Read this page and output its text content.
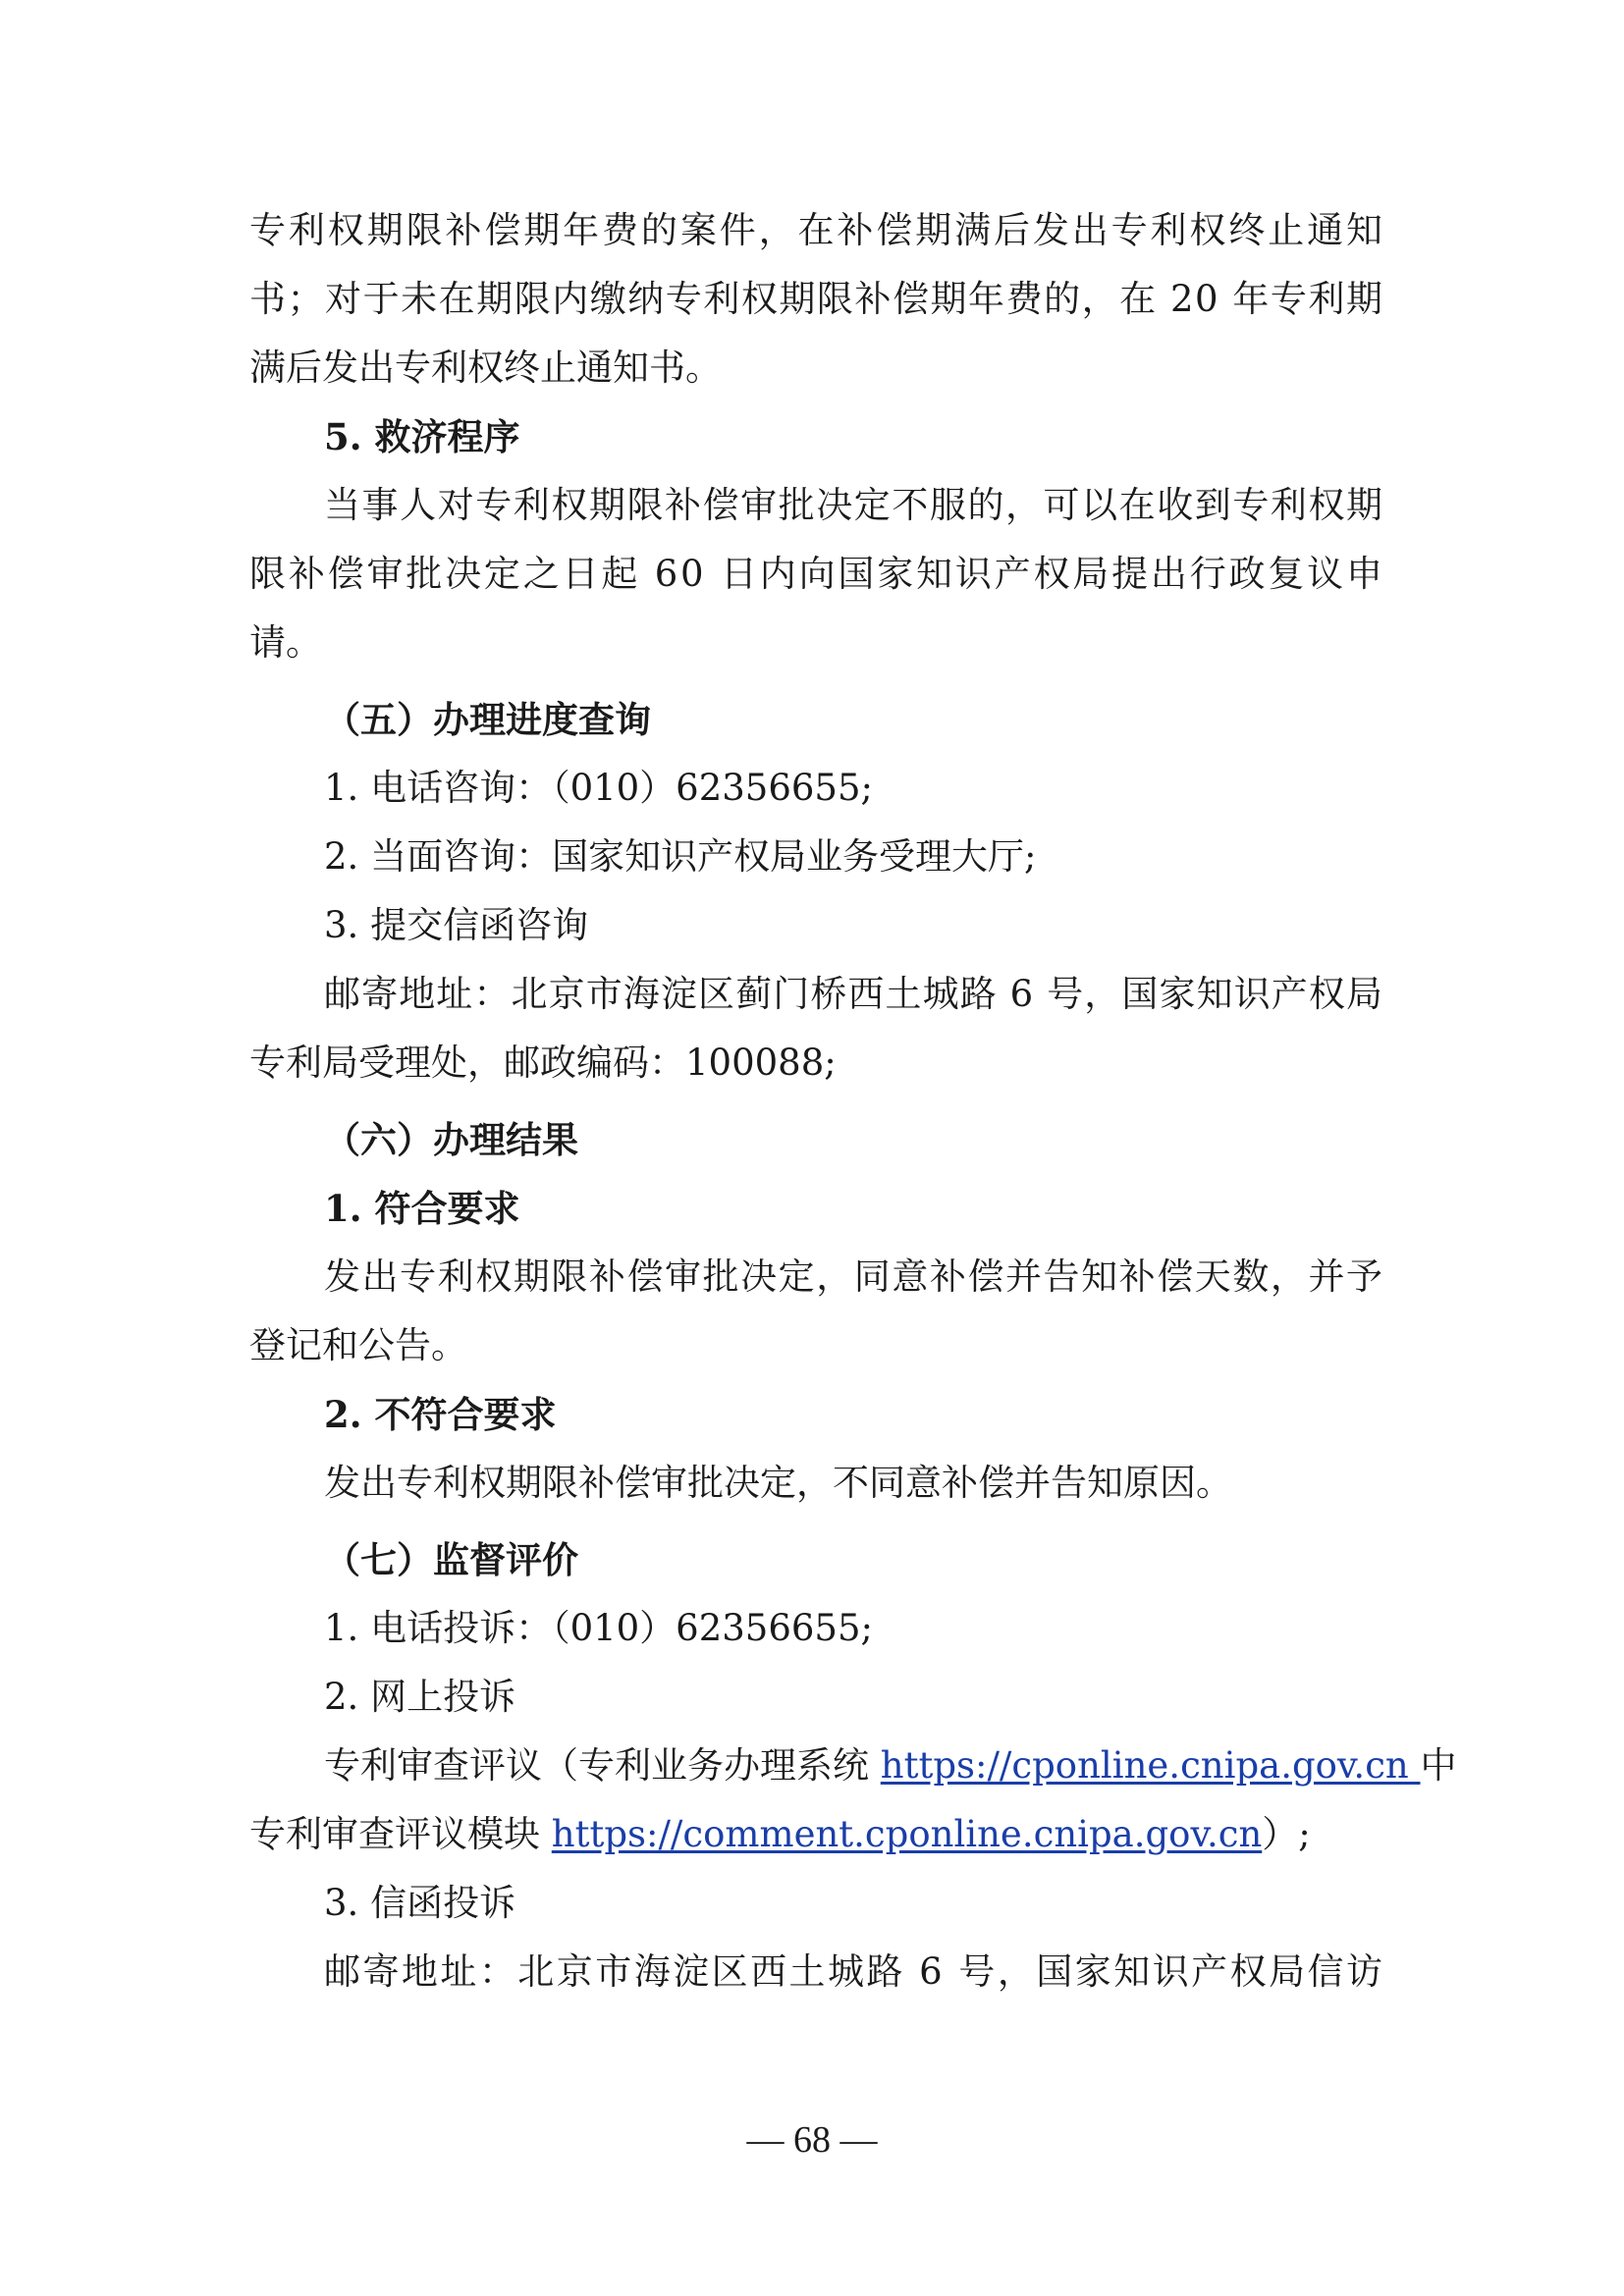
专利权期限补偿期年费的案件，在补偿期满后发出专利权终止通知
书；对于未在期限内缴纳专利权期限补偿期年费的，在 20 年专利期
满后发出专利权终止通知书。
5. 救济程序
当事人对专利权期限补偿审批决定不服的，可以在收到专利权期
限补偿审批决定之日起 60 日内向国家知识产权局提出行政复议申
请。
（五）办理进度查询
1. 电话咨询：（010）62356655;
2. 当面咨询：国家知识产权局业务受理大厅;
3. 提交信函咨询
邮寄地址：北京市海淀区蓟门桥西土城路 6 号，国家知识产权局
专利局受理处，邮政编码：100088;
（六）办理结果
1. 符合要求
发出专利权期限补偿审批决定，同意补偿并告知补偿天数，并予
登记和公告。
2. 不符合要求
发出专利权期限补偿审批决定，不同意补偿并告知原因。
（七）监督评价
1. 电话投诉：（010）62356655;
2. 网上投诉
专利审查评议（专利业务办理系统 https://cponline.cnipa.gov.cn 中
专利审查评议模块 https://comment.cponline.cnipa.gov.cn）;
3. 信函投诉
邮寄地址：北京市海淀区西土城路 6 号，国家知识产权局信访
— 68 —
